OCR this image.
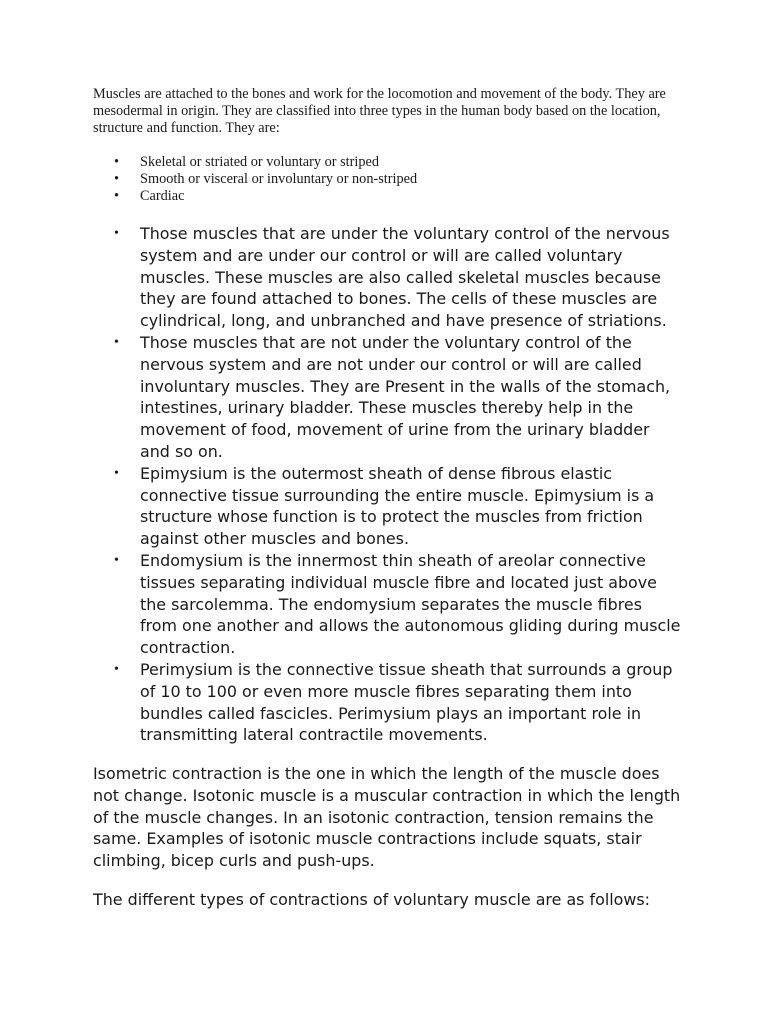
Muscles are attached to the bones and work for the locomotion and movement of the body. They are mesodermal in origin. They are classified into three types in the human body based on the location, structure and function. They are:

• Skeletal or striated or voluntary or striped
• Smooth or visceral or involuntary or non-striped
• Cardiac
• Those muscles that are under the voluntary control of the nervous system and are under our control or will are called voluntary muscles. These muscles are also called skeletal muscles because they are found attached to bones. The cells of these muscles are cylindrical, long, and unbranched and have presence of striations.
• Those muscles that are not under the voluntary control of the nervous system and are not under our control or will are called involuntary muscles. They are Present in the walls of the stomach, intestines, urinary bladder. These muscles thereby help in the movement of food, movement of urine from the urinary bladder and so on.
• Epimysium is the outermost sheath of dense fibrous elastic connective tissue surrounding the entire muscle. Epimysium is a structure whose function is to protect the muscles from friction against other muscles and bones.
• Endomysium is the innermost thin sheath of areolar connective tissues separating individual muscle fibre and located just above the sarcolemma. The endomysium separates the muscle fibres from one another and allows the autonomous gliding during muscle contraction.
• Perimysium is the connective tissue sheath that surrounds a group of 10 to 100 or even more muscle fibres separating them into bundles called fascicles. Perimysium plays an important role in transmitting lateral contractile movements.

Isometric contraction is the one in which the length of the muscle does not change. Isotonic muscle is a muscular contraction in which the length of the muscle changes. In an isotonic contraction, tension remains the same. Examples of isotonic muscle contractions include squats, stair climbing, bicep curls and push-ups.

The different types of contractions of voluntary muscle are as follows:
